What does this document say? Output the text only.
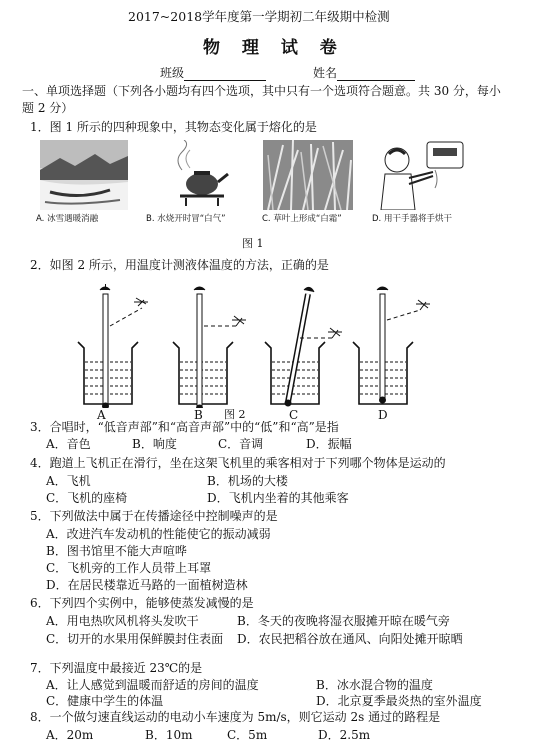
2017~2018学年度第一学期初二年级期中检测
物 理 试 卷
班级	姓名
一、单项选择题（下列各小题均有四个选项，其中只有一个选项符合题意。共 30 分，每小
题 2 分）
1．图 1 所示的四种现象中，其物态变化属于熔化的是
A. 冰雪遇暖消融	B. 水烧开时冒“白气”	C. 草叶上形成“白霜”	D. 用干手器将手烘干
图 1
2．如图 2 所示，用温度计测液体温度的方法，正确的是
A	B 图 2	C	D
3．合唱时，“低音声部”和“高音声部”中的“低”和“高”是指
A．音色	B．响度	C．音调	D．振幅
4．跑道上飞机正在滑行，坐在这架飞机里的乘客相对于下列哪个物体是运动的
A．飞机	B．机场的大楼
C．飞机的座椅	D．飞机内坐着的其他乘客
5．下列做法中属于在传播途径中控制噪声的是
A．改进汽车发动机的性能使它的振动减弱
B．图书馆里不能大声喧哗
C．飞机旁的工作人员带上耳罩
D．在居民楼靠近马路的一面植树造林
6．下列四个实例中，能够使蒸发减慢的是
A．用电热吹风机将头发吹干	B．冬天的夜晚将湿衣服摊开晾在暖气旁
C．切开的水果用保鲜膜封住表面 D．农民把稻谷放在通风、向阳处摊开晾晒
7．下列温度中最接近 23℃的是
A．让人感觉到温暖而舒适的房间的温度	B．冰水混合物的温度
C．健康中学生的体温	D．北京夏季最炎热的室外温度
8．一个做匀速直线运动的电动小车速度为 5m/s，则它运动 2s 通过的路程是
A．20m	B．10m	C．5m	D．2.5m
